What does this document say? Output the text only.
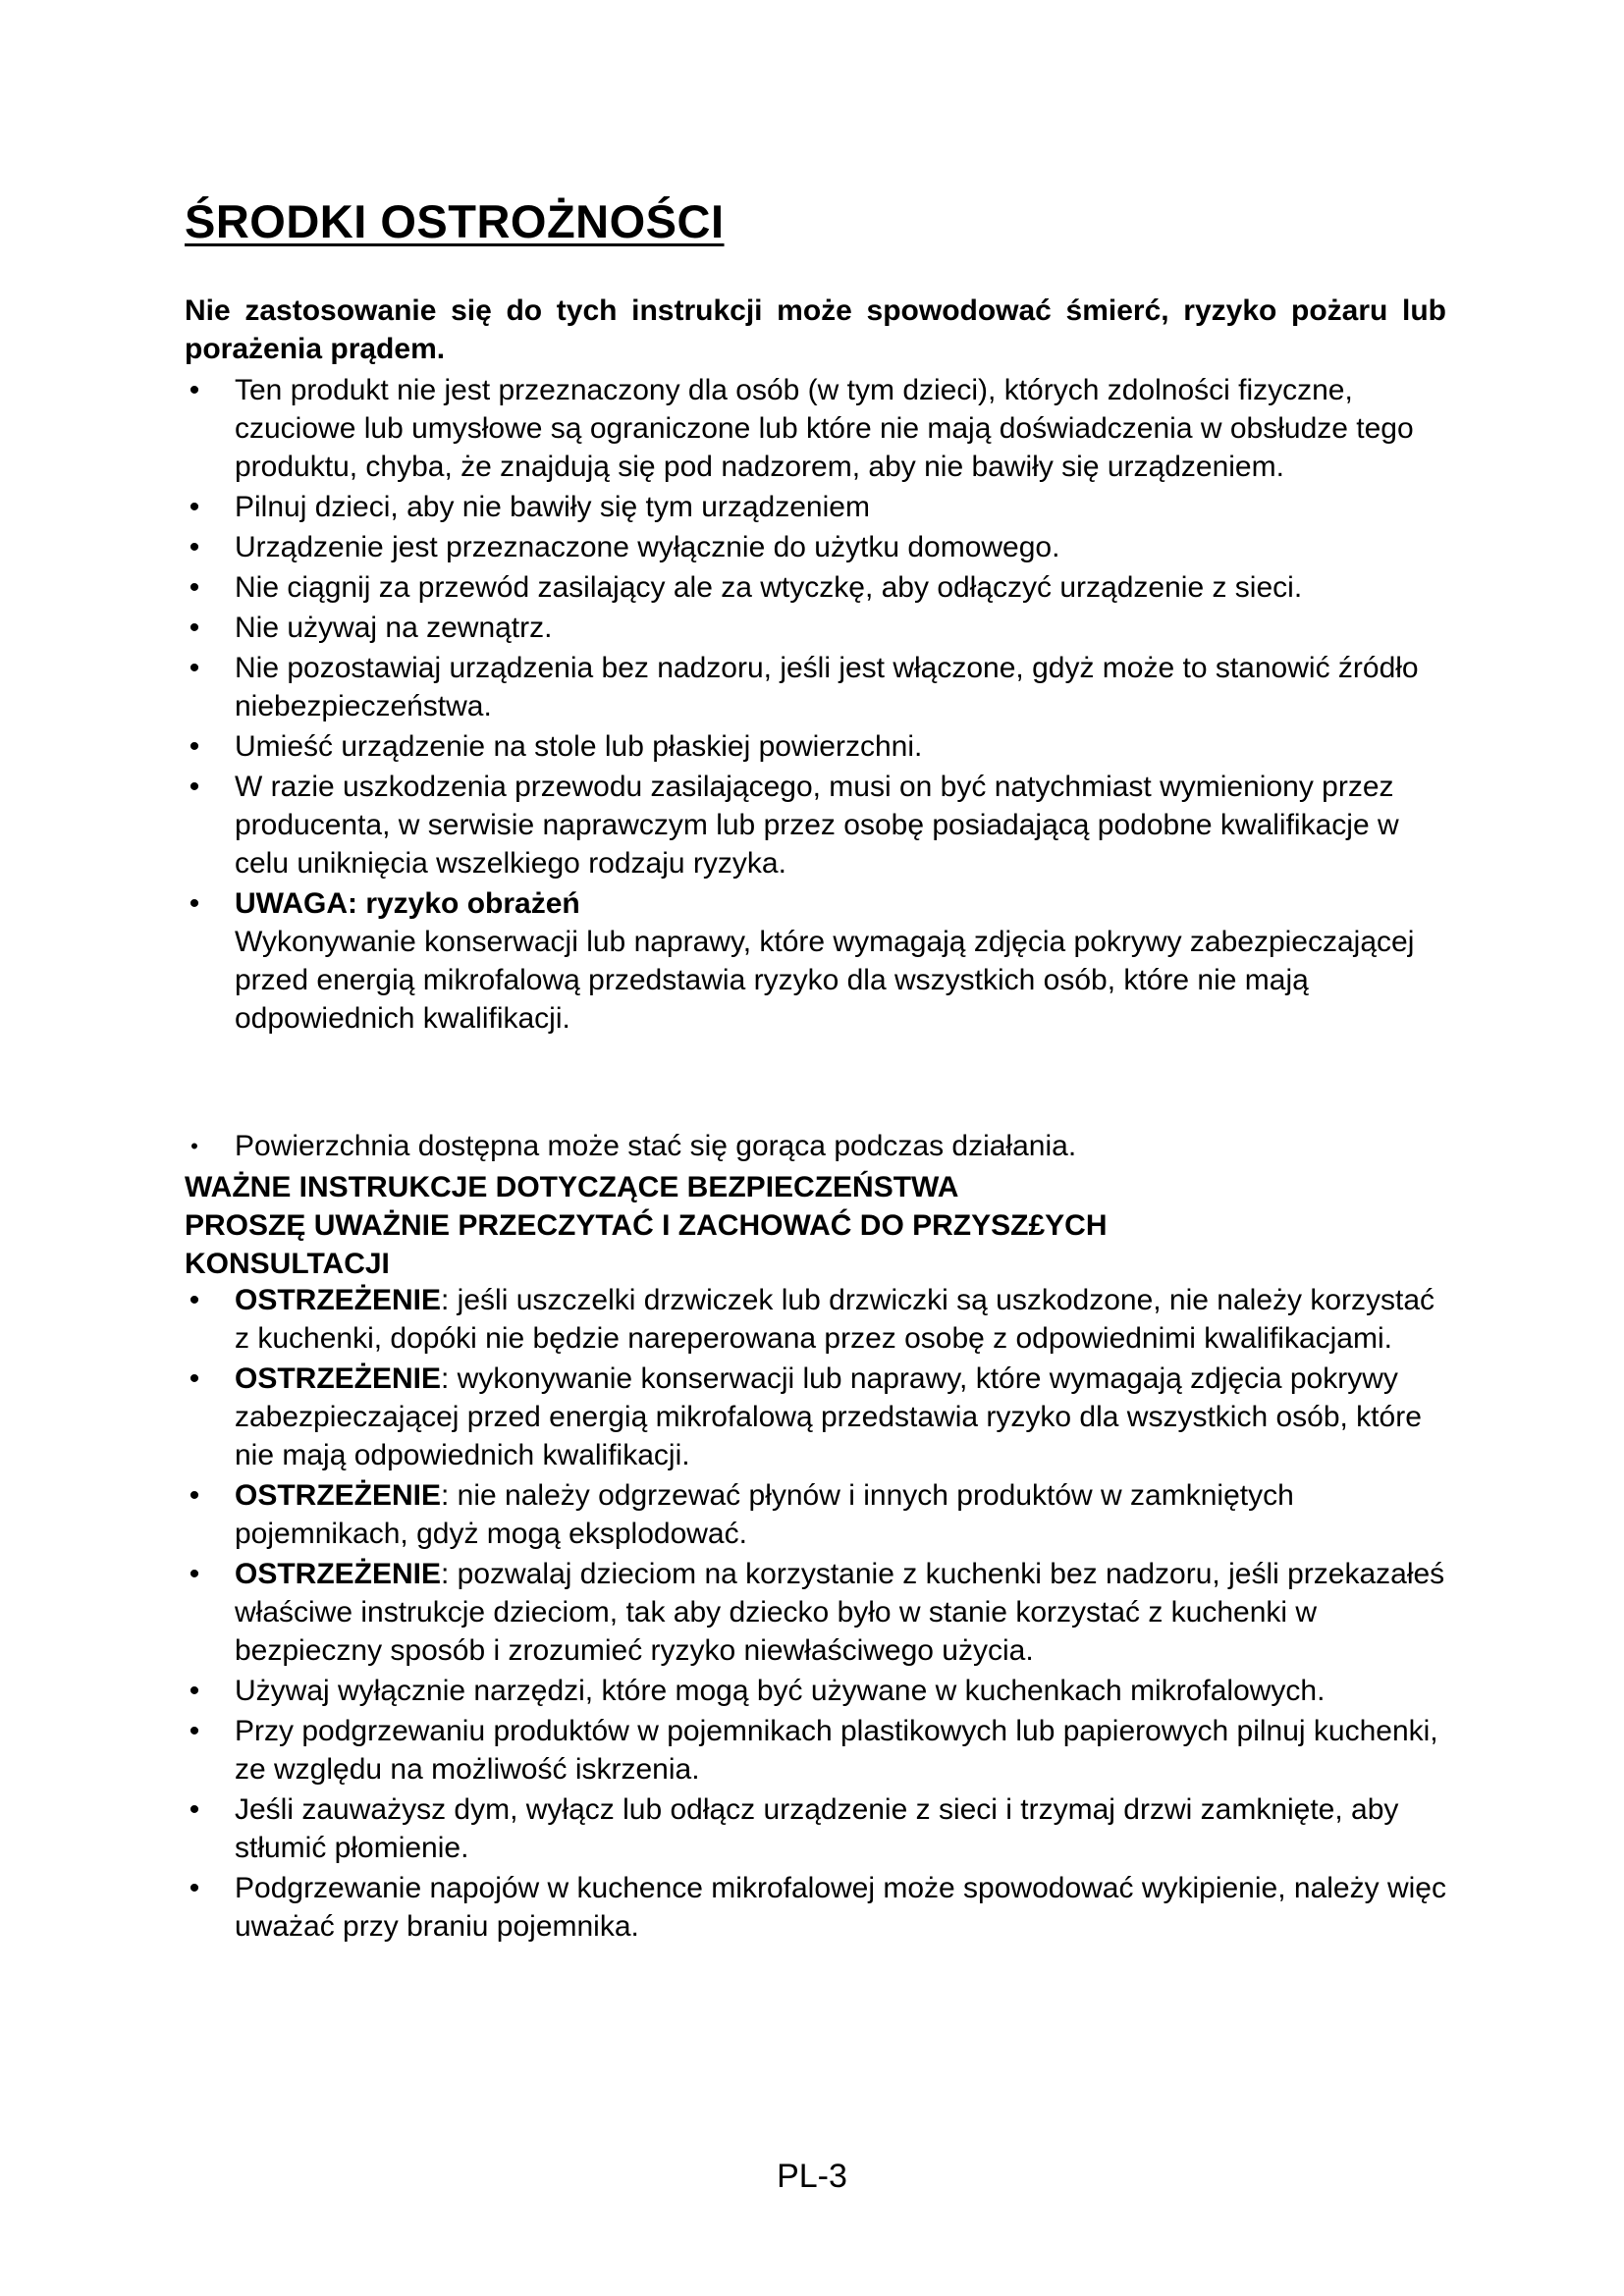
ŚRODKI OSTROŻNOŚCI

Nie zastosowanie się do tych instrukcji może spowodować śmierć, ryzyko pożaru lub porażenia prądem.

• Ten produkt nie jest przeznaczony dla osób (w tym dzieci), których zdolności fizyczne, czuciowe lub umysłowe są ograniczone lub które nie mają doświadczenia w obsłudze tego produktu, chyba, że znajdują się pod nadzorem, aby nie bawiły się urządzeniem.
• Pilnuj dzieci, aby nie bawiły się tym urządzeniem
• Urządzenie jest przeznaczone wyłącznie do użytku domowego.
• Nie ciągnij za przewód zasilający ale za wtyczkę, aby odłączyć urządzenie z sieci.
• Nie używaj na zewnątrz.
• Nie pozostawiaj urządzenia bez nadzoru, jeśli jest włączone, gdyż może to stanowić źródło niebezpieczeństwa.
• Umieść urządzenie na stole lub płaskiej powierzchni.
• W razie uszkodzenia przewodu zasilającego, musi on być natychmiast wymieniony przez producenta, w serwisie naprawczym lub przez osobę posiadającą podobne kwalifikacje w celu uniknięcia wszelkiego rodzaju ryzyka.
• UWAGA: ryzyko obrażeń
Wykonywanie konserwacji lub naprawy, które wymagają zdjęcia pokrywy zabezpieczającej przed energią mikrofalową przedstawia ryzyko dla wszystkich osób, które nie mają odpowiednich kwalifikacji.
• Powierzchnia dostępna może stać się gorąca podczas działania.
WAŻNE INSTRUKCJE DOTYCZĄCE BEZPIECZEŃSTWA
PROSZĘ UWAŻNIE PRZECZYTAĆ I ZACHOWAĆ DO PRZYSZ£YCH
KONSULTACJI
• OSTRZEŻENIE: jeśli uszczelki drzwiczek lub drzwiczki są uszkodzone, nie należy korzystać z kuchenki, dopóki nie będzie nareperowana przez osobę z odpowiednimi kwalifikacjami.
• OSTRZEŻENIE: wykonywanie konserwacji lub naprawy, które wymagają zdjęcia pokrywy zabezpieczającej przed energią mikrofalową przedstawia ryzyko dla wszystkich osób, które nie mają odpowiednich kwalifikacji.
• OSTRZEŻENIE: nie należy odgrzewać płynów i innych produktów w zamkniętych pojemnikach, gdyż mogą eksplodować.
• OSTRZEŻENIE: pozwalaj dzieciom na korzystanie z kuchenki bez nadzoru, jeśli przekazałeś właściwe instrukcje dzieciom, tak aby dziecko było w stanie korzystać z kuchenki w bezpieczny sposób i zrozumieć ryzyko niewłaściwego użycia.
• Używaj wyłącznie narzędzi, które mogą być używane w kuchenkach mikrofalowych.
• Przy podgrzewaniu produktów w pojemnikach plastikowych lub papierowych pilnuj kuchenki, ze względu na możliwość iskrzenia.
• Jeśli zauważysz dym, wyłącz lub odłącz urządzenie z sieci i trzymaj drzwi zamknięte, aby stłumić płomienie.
• Podgrzewanie napojów w kuchence mikrofalowej może spowodować wykipienie, należy więc uważać przy braniu pojemnika.
PL-3
